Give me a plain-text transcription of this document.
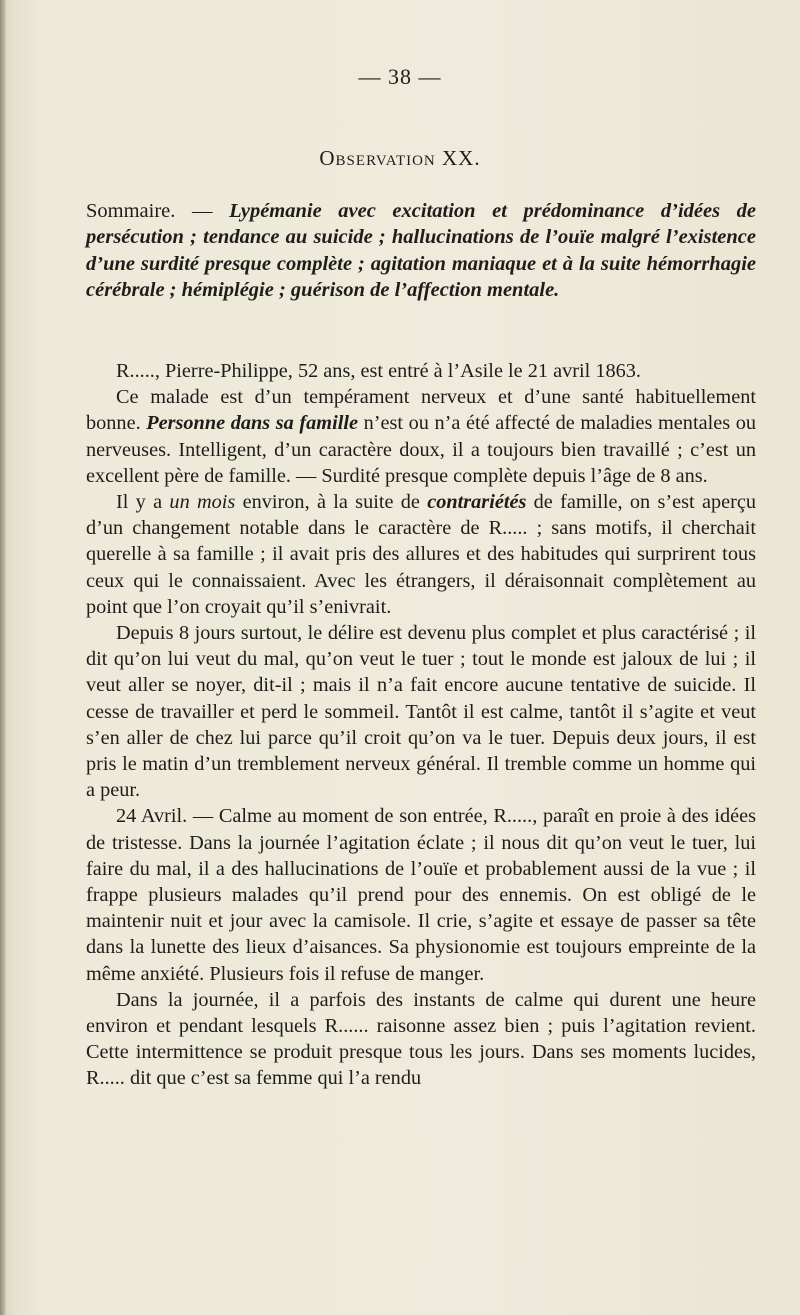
— 38 —
Observation XX.
Sommaire. — Lypémanie avec excitation et prédominance d’idées de persécution ; tendance au suicide ; hallucinations de l’ouïe malgré l’existence d’une surdité presque complète ; agitation maniaque et à la suite hémorrhagie cérébrale ; hémiplégie ; guérison de l’affection mentale.

R....., Pierre-Philippe, 52 ans, est entré à l’Asile le 21 avril 1863.

Ce malade est d’un tempérament nerveux et d’une santé habituellement bonne. Personne dans sa famille n’est ou n’a été affecté de maladies mentales ou nerveuses. Intelligent, d’un caractère doux, il a toujours bien travaillé ; c’est un excellent père de famille. — Surdité presque complète depuis l’âge de 8 ans.

Il y a un mois environ, à la suite de contrariétés de famille, on s’est aperçu d’un changement notable dans le caractère de R..... ; sans motifs, il cherchait querelle à sa famille ; il avait pris des allures et des habitudes qui surprirent tous ceux qui le connaissaient. Avec les étrangers, il déraisonnait complètement au point que l’on croyait qu’il s’enivrait.

Depuis 8 jours surtout, le délire est devenu plus complet et plus caractérisé ; il dit qu’on lui veut du mal, qu’on veut le tuer ; tout le monde est jaloux de lui ; il veut aller se noyer, dit-il ; mais il n’a fait encore aucune tentative de suicide. Il cesse de travailler et perd le sommeil. Tantôt il est calme, tantôt il s’agite et veut s’en aller de chez lui parce qu’il croit qu’on va le tuer. Depuis deux jours, il est pris le matin d’un tremblement nerveux général. Il tremble comme un homme qui a peur.

24 Avril. — Calme au moment de son entrée, R....., paraît en proie à des idées de tristesse. Dans la journée l’agitation éclate ; il nous dit qu’on veut le tuer, lui faire du mal, il a des hallucinations de l’ouïe et probablement aussi de la vue ; il frappe plusieurs malades qu’il prend pour des ennemis. On est obligé de le maintenir nuit et jour avec la camisole. Il crie, s’agite et essaye de passer sa tête dans la lunette des lieux d’aisances. Sa physionomie est toujours empreinte de la même anxiété. Plusieurs fois il refuse de manger.

Dans la journée, il a parfois des instants de calme qui durent une heure environ et pendant lesquels R...... raisonne assez bien ; puis l’agitation revient. Cette intermittence se produit presque tous les jours. Dans ses moments lucides, R..... dit que c’est sa femme qui l’a rendu
